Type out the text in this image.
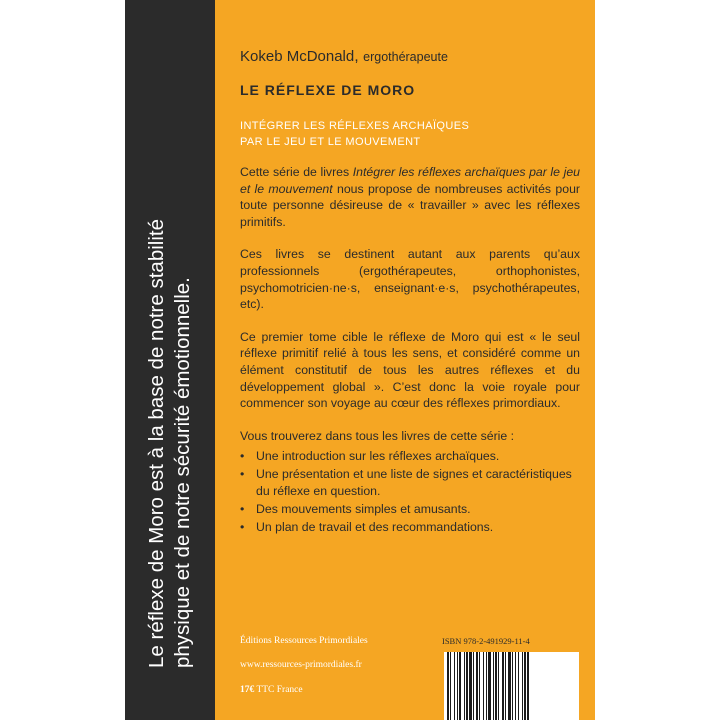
Le réflexe de Moro est à la base de notre stabilité physique et de notre sécurité émotionnelle.
Kokeb McDonald, ergothérapeute
LE RÉFLEXE DE MORO
INTÉGRER LES RÉFLEXES ARCHAÏQUES
PAR LE JEU ET LE MOUVEMENT

Cette série de livres Intégrer les réflexes archaïques par le jeu et le mouvement nous propose de nombreuses activités pour toute personne désireuse de « travailler » avec les réflexes primitifs.

Ces livres se destinent autant aux parents qu’aux professionnels (ergothérapeutes, orthophonistes, psychomotricien·ne·s, enseignant·e·s, psychothérapeutes, etc).

Ce premier tome cible le réflexe de Moro qui est « le seul réflexe primitif relié à tous les sens, et considéré comme un élément constitutif de tous les autres réflexes et du développement global ». C’est donc la voie royale pour commencer son voyage au cœur des réflexes primordiaux.

Vous trouverez dans tous les livres de cette série :

• Une introduction sur les réflexes archaïques.
• Une présentation et une liste de signes et caractéristiques du réflexe en question.
• Des mouvements simples et amusants.
• Un plan de travail et des recommandations.
Éditions Ressources Primordiales
www.ressources-primordiales.fr
17€ TTC France
ISBN 978-2-491929-11-4
